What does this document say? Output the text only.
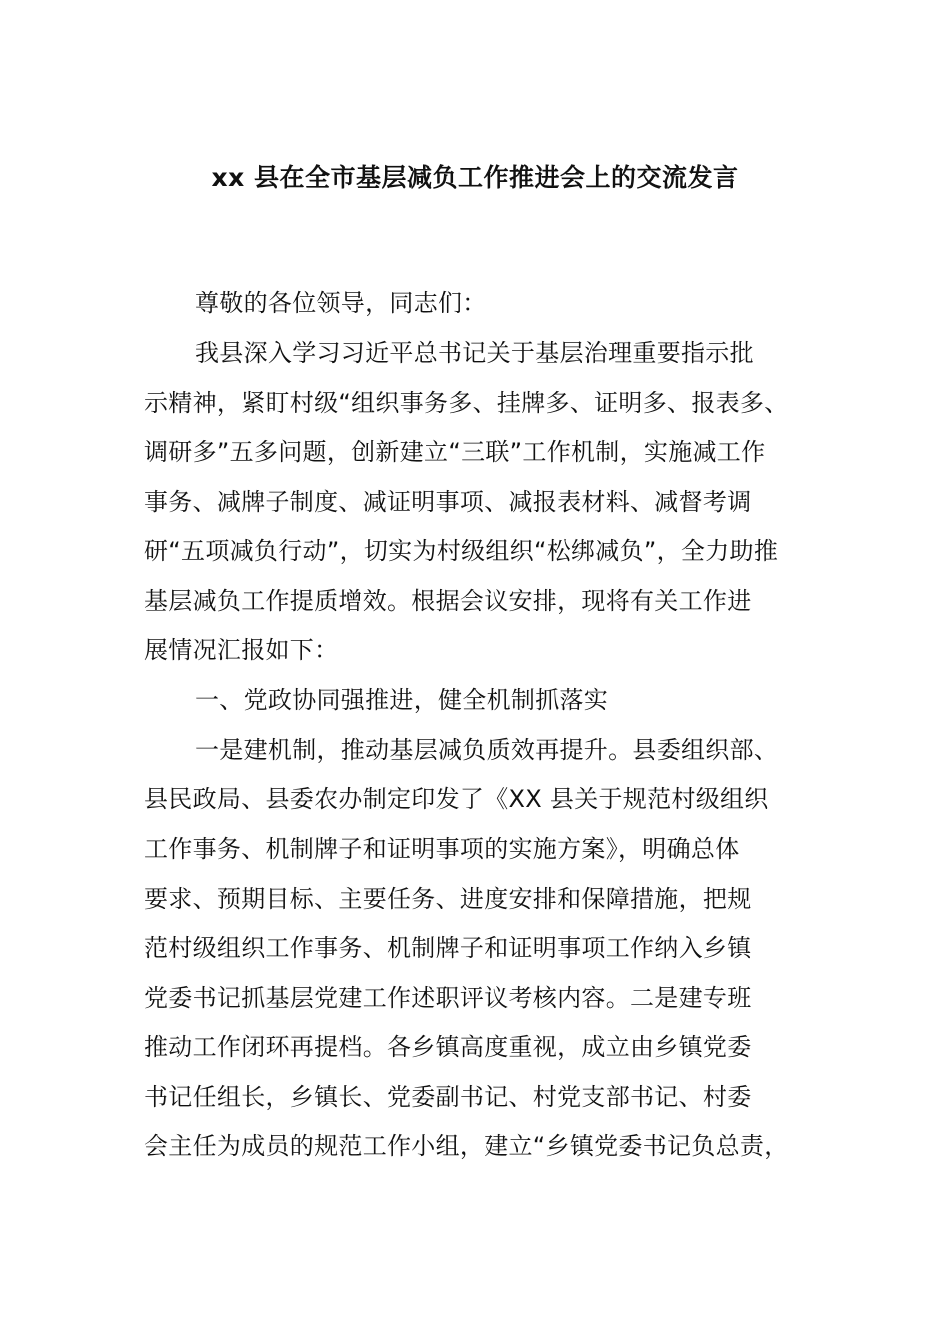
xx 县在全市基层减负工作推进会上的交流发言
尊敬的各位领导，同志们：
我县深入学习习近平总书记关于基层治理重要指示批
示精神，紧盯村级“组织事务多、挂牌多、证明多、报表多、
调研多”五多问题，创新建立“三联”工作机制，实施减工作
事务、减牌子制度、减证明事项、减报表材料、减督考调
研“五项减负行动”，切实为村级组织“松绑减负”，全力助推
基层减负工作提质增效。根据会议安排，现将有关工作进
展情况汇报如下：
一、党政协同强推进，健全机制抓落实
一是建机制，推动基层减负质效再提升。县委组织部、
县民政局、县委农办制定印发了《XX 县关于规范村级组织
工作事务、机制牌子和证明事项的实施方案》，明确总体
要求、预期目标、主要任务、进度安排和保障措施，把规
范村级组织工作事务、机制牌子和证明事项工作纳入乡镇
党委书记抓基层党建工作述职评议考核内容。二是建专班
推动工作闭环再提档。各乡镇高度重视，成立由乡镇党委
书记任组长，乡镇长、党委副书记、村党支部书记、村委
会主任为成员的规范工作小组，建立“乡镇党委书记负总责，
